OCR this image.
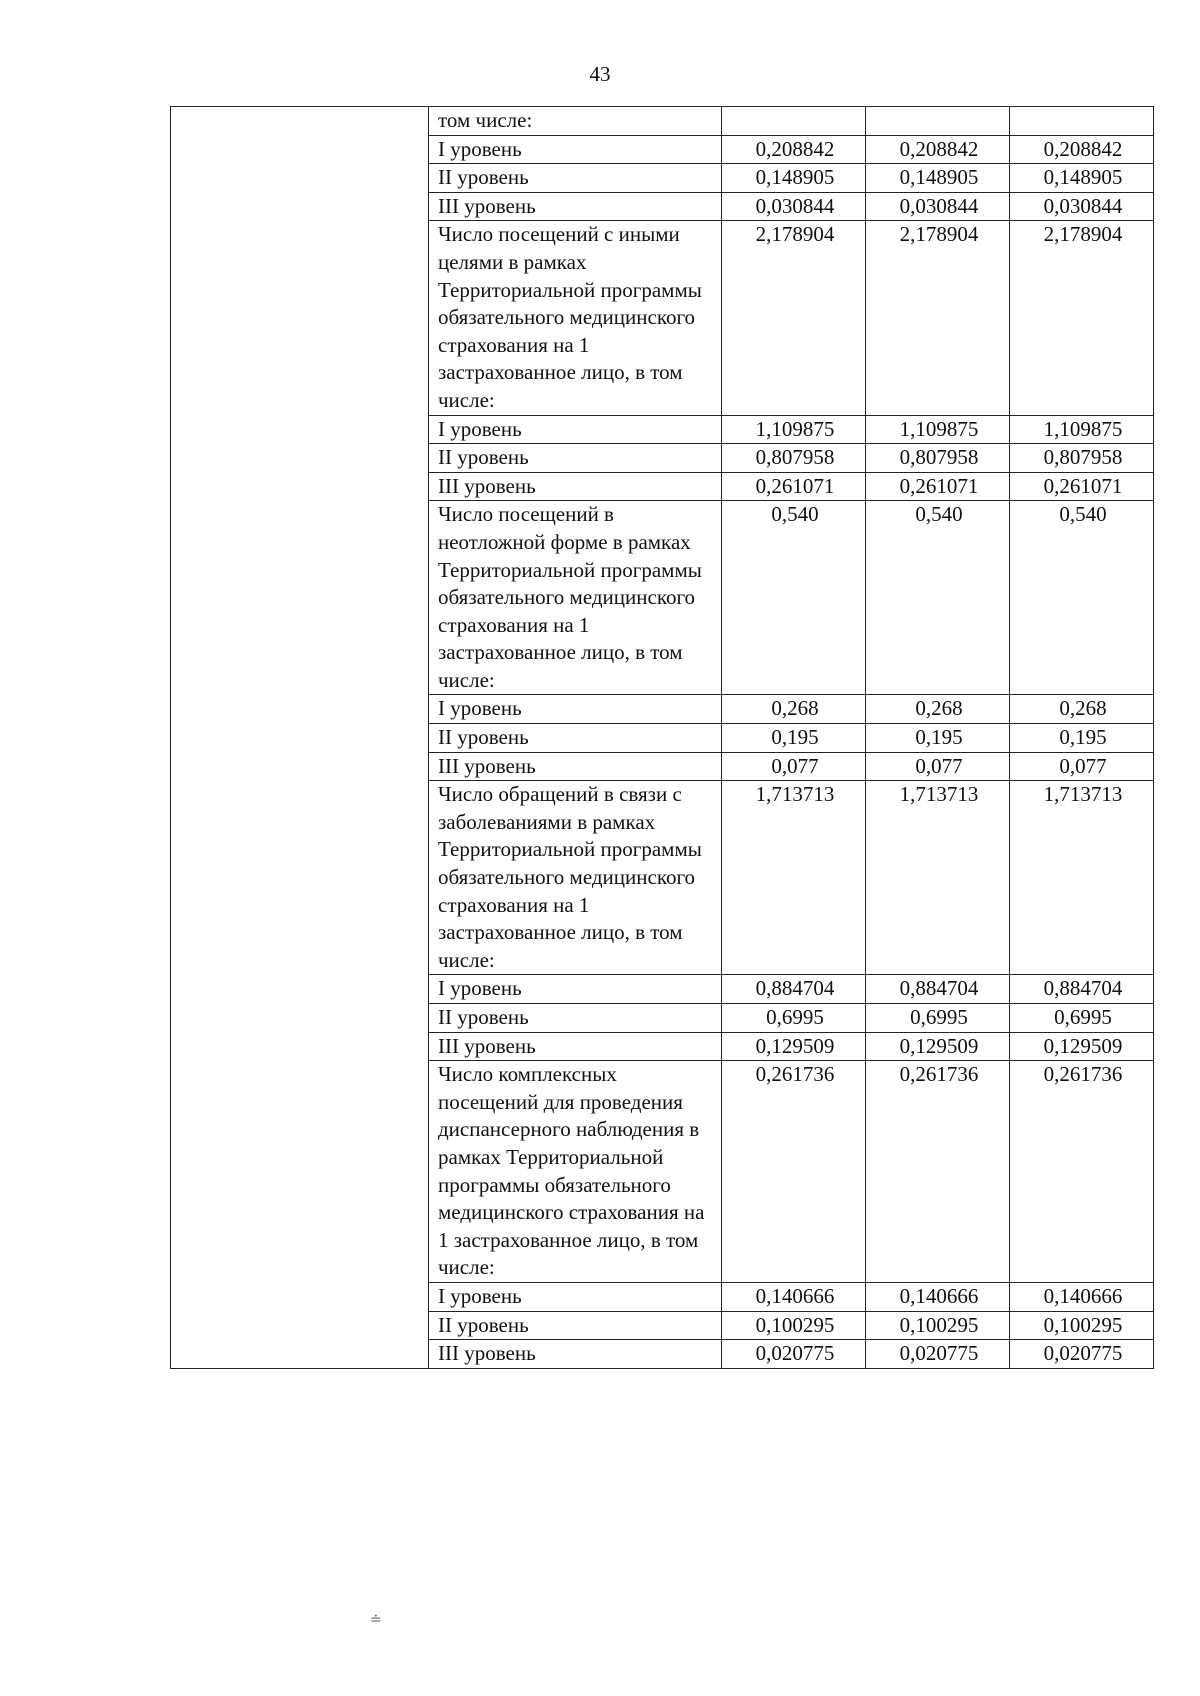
43
	том числе:			
	I уровень	0,208842	0,208842	0,208842
	II уровень	0,148905	0,148905	0,148905
	III уровень	0,030844	0,030844	0,030844
	Число посещений с иными целями в рамках Территориальной программы обязательного медицинского страхования на 1 застрахованное лицо, в том числе:	2,178904	2,178904	2,178904
	I уровень	1,109875	1,109875	1,109875
	II уровень	0,807958	0,807958	0,807958
	III уровень	0,261071	0,261071	0,261071
	Число посещений в неотложной форме в рамках Территориальной программы обязательного медицинского страхования на 1 застрахованное лицо, в том числе:	0,540	0,540	0,540
	I уровень	0,268	0,268	0,268
	II уровень	0,195	0,195	0,195
	III уровень	0,077	0,077	0,077
	Число обращений в связи с заболеваниями в рамках Территориальной программы обязательного медицинского страхования на 1 застрахованное лицо, в том числе:	1,713713	1,713713	1,713713
	I уровень	0,884704	0,884704	0,884704
	II уровень	0,6995	0,6995	0,6995
	III уровень	0,129509	0,129509	0,129509
	Число комплексных посещений для проведения диспансерного наблюдения в рамках Территориальной программы обязательного медицинского страхования на 1 застрахованное лицо, в том числе:	0,261736	0,261736	0,261736
	I уровень	0,140666	0,140666	0,140666
	II уровень	0,100295	0,100295	0,100295
	III уровень	0,020775	0,020775	0,020775
≐
